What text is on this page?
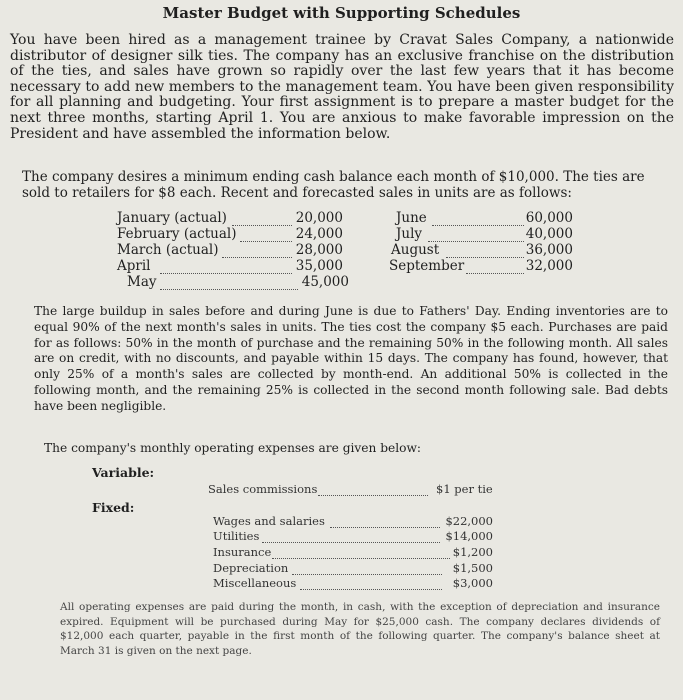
Master Budget with Supporting Schedules
You have been hired as a management trainee by Cravat Sales Company, a nationwide distributor of designer silk ties. The company has an exclusive franchise on the distribution of the ties, and sales have grown so rapidly over the last few years that it has become necessary to add new members to the management team. You have been given responsibility for all planning and budgeting. Your first assignment is to prepare a master budget for the next three months, starting April 1. You are anxious to make favorable impression on the President and have assembled the information below.
The company desires a minimum ending cash balance each month of $10,000. The ties are sold to retailers for $8 each. Recent and forecasted sales in units are as follows:
January (actual)	20,000
February (actual)	24,000
March (actual)	28,000
April	35,000
May	45,000
June	60,000
July	40,000
August	36,000
September	32,000
The large buildup in sales before and during June is due to Fathers' Day. Ending inventories are to equal 90% of the next month's sales in units. The ties cost the company $5 each. Purchases are paid for as follows: 50% in the month of purchase and the remaining 50% in the following month. All sales are on credit, with no discounts, and payable within 15 days. The company has found, however, that only 25% of a month's sales are collected by month-end. An additional 50% is collected in the following month, and the remaining 25% is collected in the second month following sale. Bad debts have been negligible.
The company's monthly operating expenses are given below:
Variable:
Sales commissions	$1 per tie
Fixed:
Wages and salaries	$22,000
Utilities	$14,000
Insurance	$1,200
Depreciation	$1,500
Miscellaneous	$3,000
All operating expenses are paid during the month, in cash, with the exception of depreciation and insurance expired. Equipment will be purchased during May for $25,000 cash. The company declares dividends of $12,000 each quarter, payable in the first month of the following quarter. The company's balance sheet at March 31 is given on the next page.
